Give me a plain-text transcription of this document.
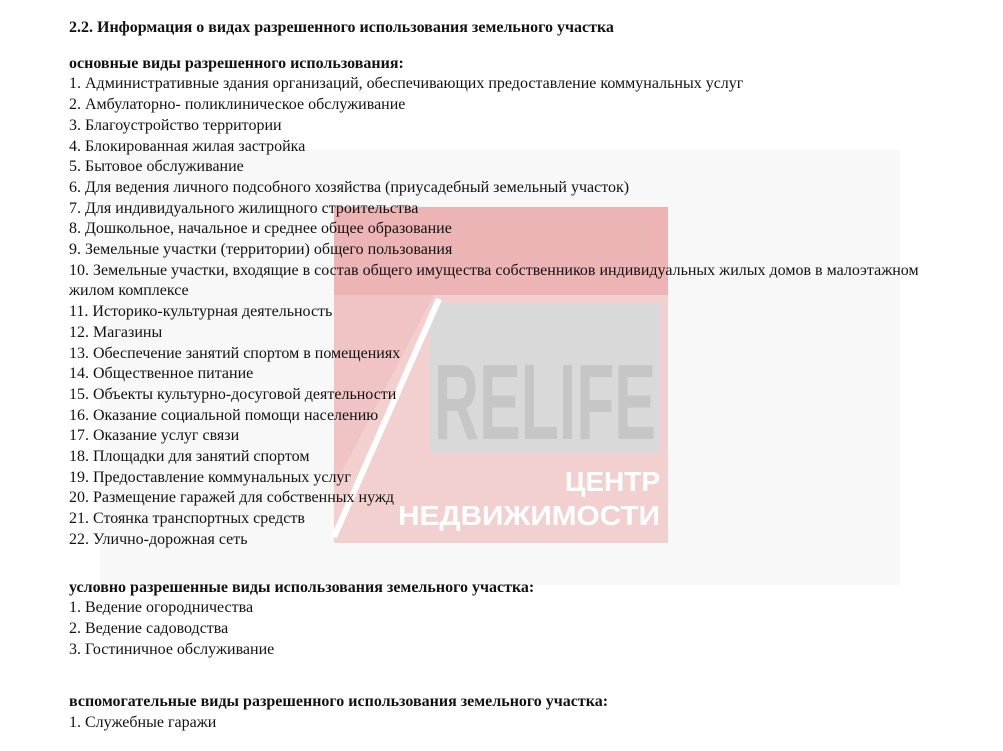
RELIFE
ЦЕНТР
НЕДВИЖИМОСТИ
2.2. Информация о видах разрешенного использования земельного участка
основные виды разрешенного использования:
1. Административные здания организаций, обеспечивающих предоставление коммунальных услуг
2. Амбулаторно- поликлиническое обслуживание
3. Благоустройство территории
4. Блокированная жилая застройка
5. Бытовое обслуживание
6. Для ведения личного подсобного хозяйства (приусадебный земельный участок)
7. Для индивидуального жилищного строительства
8. Дошкольное, начальное и среднее общее образование
9. Земельные участки (территории) общего пользования
10. Земельные участки, входящие в состав общего имущества собственников индивидуальных жилых домов в малоэтажном жилом комплексе
11. Историко-культурная деятельность
12. Магазины
13. Обеспечение занятий спортом в помещениях
14. Общественное питание
15. Объекты культурно-досуговой деятельности
16. Оказание социальной помощи населению
17. Оказание услуг связи
18. Площадки для занятий спортом
19. Предоставление коммунальных услуг
20. Размещение гаражей для собственных нужд
21. Стоянка транспортных средств
22. Улично-дорожная сеть
условно разрешенные виды использования земельного участка:
1. Ведение огородничества
2. Ведение садоводства
3. Гостиничное обслуживание
вспомогательные виды разрешенного использования земельного участка:
1. Служебные гаражи
